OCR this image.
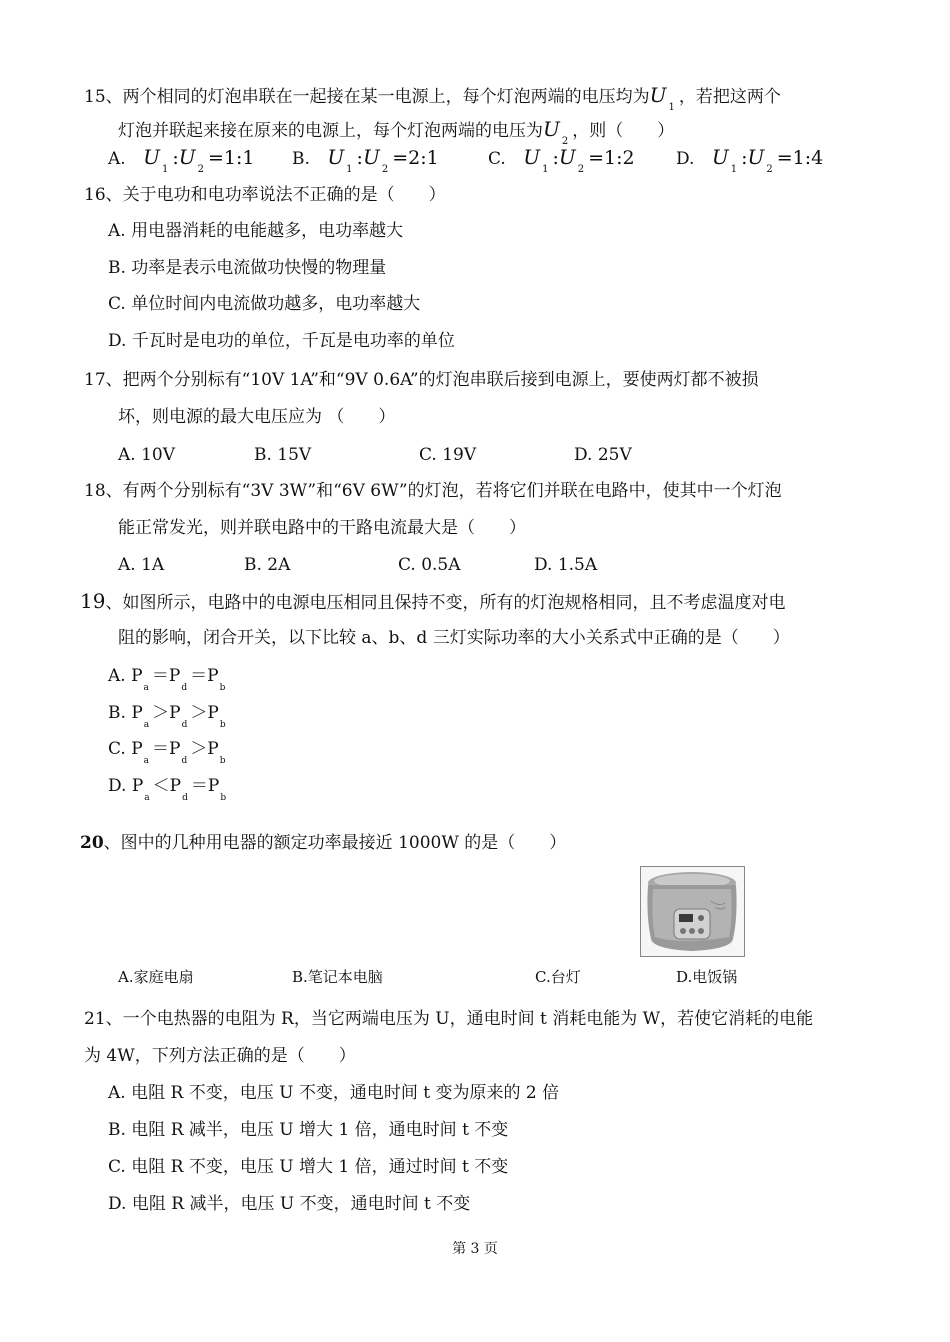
15、两个相同的灯泡串联在一起接在某一电源上，每个灯泡两端的电压均为$U_1$，若把这两个
灯泡并联起来接在原来的电源上，每个灯泡两端的电压为$U_2$，则（　　）
A. $U_1:U_2=1:1$ B. $U_1:U_2=2:1$	C. $U_1:U_2=1:2$ D. $U_1:U_2=1:4$
16、关于电功和电功率说法不正确的是（　　）
A. 用电器消耗的电能越多，电功率越大
B. 功率是表示电流做功快慢的物理量
C. 单位时间内电流做功越多，电功率越大
D. 千瓦时是电功的单位，千瓦是电功率的单位
17、把两个分别标有“10V 1A”和“9V 0.6A”的灯泡串联后接到电源上，要使两灯都不被损
坏，则电源的最大电压应为 （　　）
A. 10V	B. 15V	C. 19V	D. 25V
18、有两个分别标有“3V 3W”和“6V 6W”的灯泡，若将它们并联在电路中，使其中一个灯泡
能正常发光，则并联电路中的干路电流最大是（　　）
A. 1A	B. 2A	C. 0.5A	D. 1.5A
19、如图所示，电路中的电源电压相同且保持不变，所有的灯泡规格相同，且不考虑温度对电
阻的影响，闭合开关，以下比较 a、b、d 三灯实际功率的大小关系式中正确的是（　　）
A. $P_a=P_d=P_b$
B. $P_a>P_d>P_b$
C. $P_a=P_d>P_b$
D. $P_a<P_d=P_b$
20、图中的几种用电器的额定功率最接近 1000W 的是（　　）
A.家庭电扇	B.笔记本电脑	C.台灯	D.电饭锅
21、一个电热器的电阻为 R，当它两端电压为 U，通电时间 t 消耗电能为 W，若使它消耗的电能
为 4W，下列方法正确的是（　　）
A. 电阻 R 不变，电压 U 不变，通电时间 t 变为原来的 2 倍
B. 电阻 R 减半，电压 U 增大 1 倍，通电时间 t 不变
C. 电阻 R 不变，电压 U 增大 1 倍，通过时间 t 不变
D. 电阻 R 减半，电压 U 不变，通电时间 t 不变
第 3 页
